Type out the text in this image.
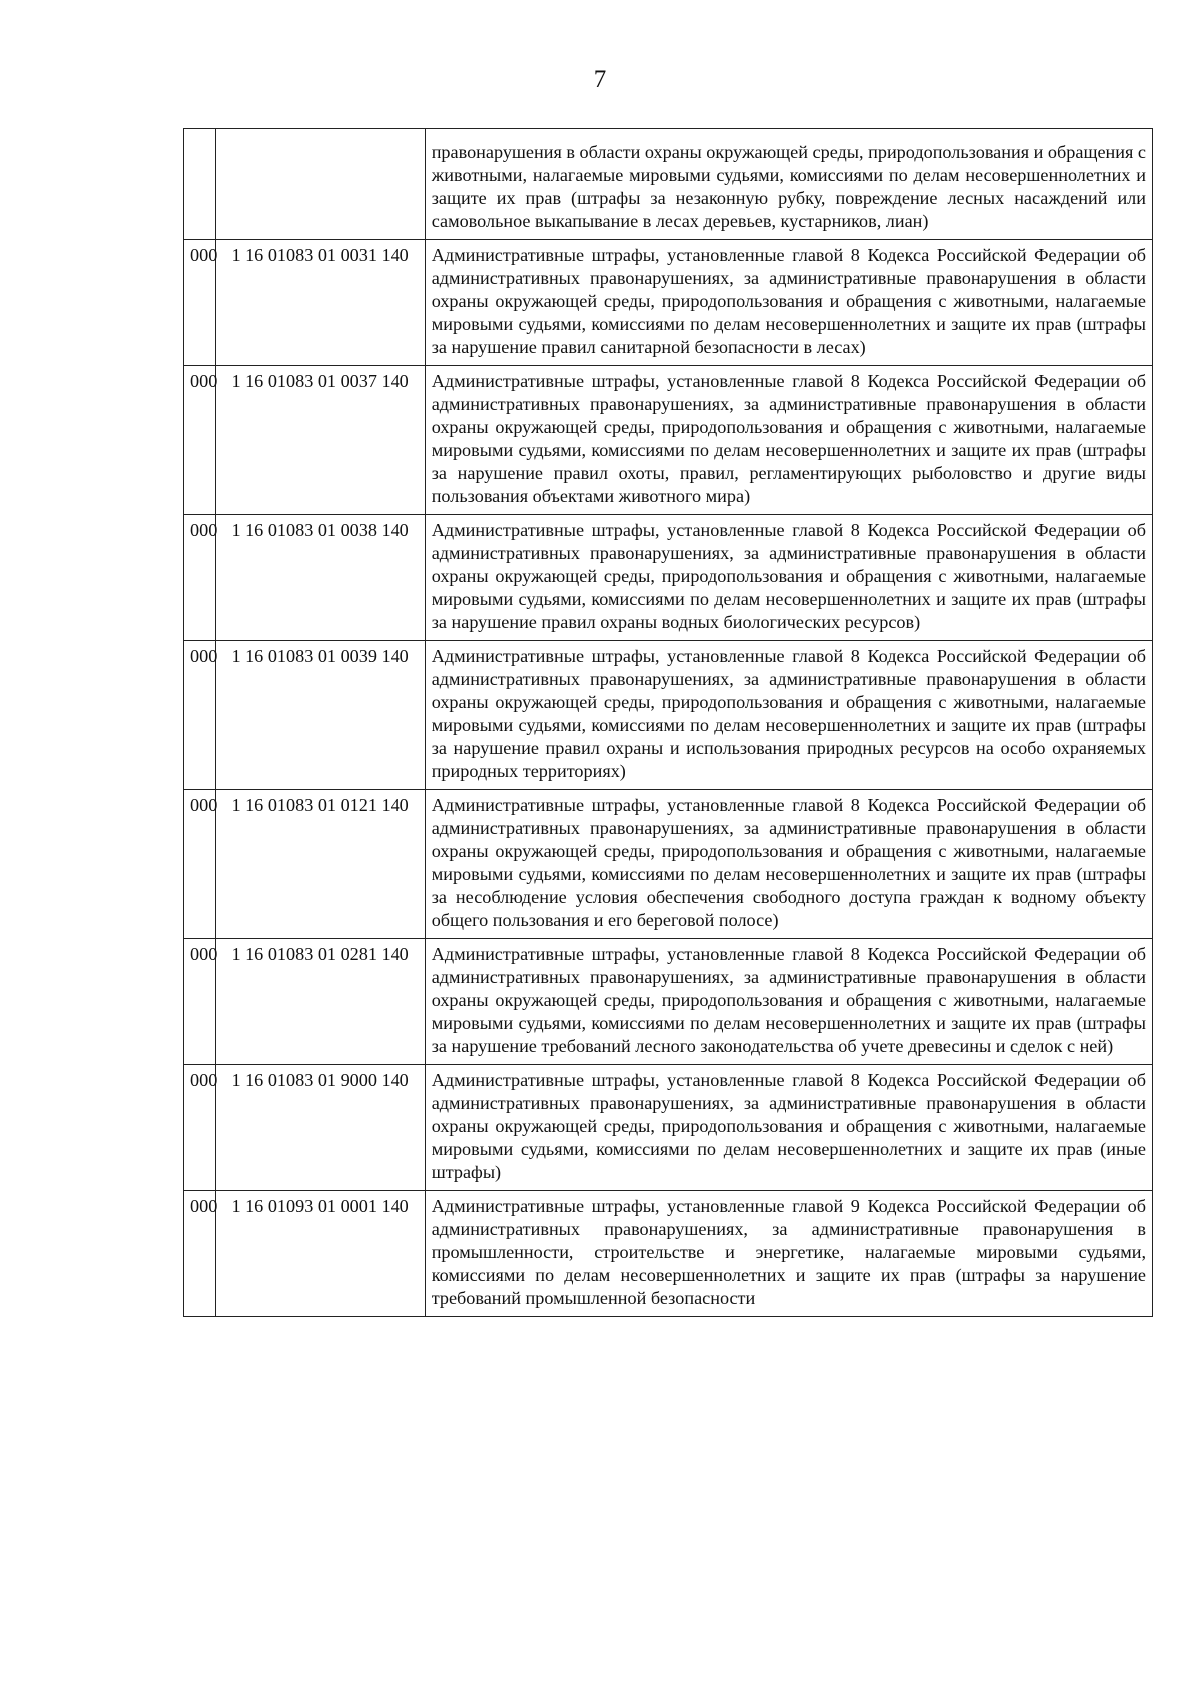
7
		правонарушения в области охраны окружающей среды, природопользования и обращения с животными, налагаемые мировыми судьями, комиссиями по делам несовершеннолетних и защите их прав (штрафы за незаконную рубку, повреждение лесных насаждений или самовольное выкапывание в лесах деревьев, кустарников, лиан)
000	1 16 01083 01 0031 140	Административные штрафы, установленные главой 8 Кодекса Российской Федерации об административных правонарушениях, за административные правонарушения в области охраны окружающей среды, природопользования и обращения с животными, налагаемые мировыми судьями, комиссиями по делам несовершеннолетних и защите их прав (штрафы за нарушение правил санитарной безопасности в лесах)
000	1 16 01083 01 0037 140	Административные штрафы, установленные главой 8 Кодекса Российской Федерации об административных правонарушениях, за административные правонарушения в области охраны окружающей среды, природопользования и обращения с животными, налагаемые мировыми судьями, комиссиями по делам несовершеннолетних и защите их прав (штрафы за нарушение правил охоты, правил, регламентирующих рыболовство и другие виды пользования объектами животного мира)
000	1 16 01083 01 0038 140	Административные штрафы, установленные главой 8 Кодекса Российской Федерации об административных правонарушениях, за административные правонарушения в области охраны окружающей среды, природопользования и обращения с животными, налагаемые мировыми судьями, комиссиями по делам несовершеннолетних и защите их прав (штрафы за нарушение правил охраны водных биологических ресурсов)
000	1 16 01083 01 0039 140	Административные штрафы, установленные главой 8 Кодекса Российской Федерации об административных правонарушениях, за административные правонарушения в области охраны окружающей среды, природопользования и обращения с животными, налагаемые мировыми судьями, комиссиями по делам несовершеннолетних и защите их прав (штрафы за нарушение правил охраны и использования природных ресурсов на особо охраняемых природных территориях)
000	1 16 01083 01 0121 140	Административные штрафы, установленные главой 8 Кодекса Российской Федерации об административных правонарушениях, за административные правонарушения в области охраны окружающей среды, природопользования и обращения с животными, налагаемые мировыми судьями, комиссиями по делам несовершеннолетних и защите их прав (штрафы за несоблюдение условия обеспечения свободного доступа граждан к водному объекту общего пользования и его береговой полосе)
000	1 16 01083 01 0281 140	Административные штрафы, установленные главой 8 Кодекса Российской Федерации об административных правонарушениях, за административные правонарушения в области охраны окружающей среды, природопользования и обращения с животными, налагаемые мировыми судьями, комиссиями по делам несовершеннолетних и защите их прав (штрафы за нарушение требований лесного законодательства об учете древесины и сделок с ней)
000	1 16 01083 01 9000 140	Административные штрафы, установленные главой 8 Кодекса Российской Федерации об административных правонарушениях, за административные правонарушения в области охраны окружающей среды, природопользования и обращения с животными, налагаемые мировыми судьями, комиссиями по делам несовершеннолетних и защите их прав (иные штрафы)
000	1 16 01093 01 0001 140	Административные штрафы, установленные главой 9 Кодекса Российской Федерации об административных правонарушениях, за административные правонарушения в промышленности, строительстве и энергетике, налагаемые мировыми судьями, комиссиями по делам несовершеннолетних и защите их прав (штрафы за нарушение требований промышленной безопасности
